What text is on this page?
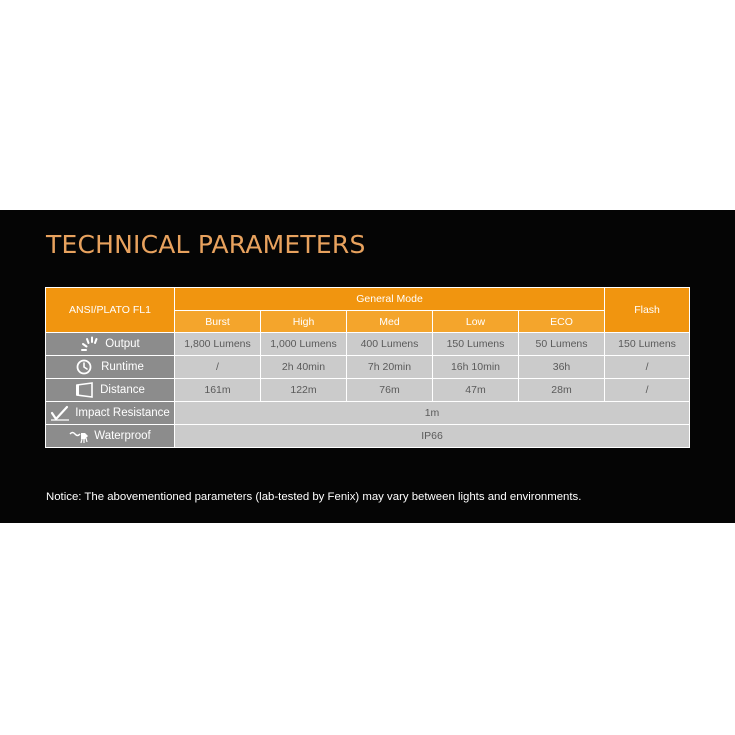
TECHNICAL PARAMETERS
ANSI/PLATO FL1	General Mode					Flash
	Burst	High	Med	Low	ECO	

Output	1,800 Lumens	1,000 Lumens	400 Lumens	150 Lumens	50 Lumens	150 Lumens

Runtime	/	2h 40min	7h 20min	16h 10min	36h	/

Distance	161m	122m	76m	47m	28m	/

Impact Resistance	1m					

Waterproof	IP66					
Notice: The abovementioned parameters (lab-tested by Fenix) may vary between lights and environments.
